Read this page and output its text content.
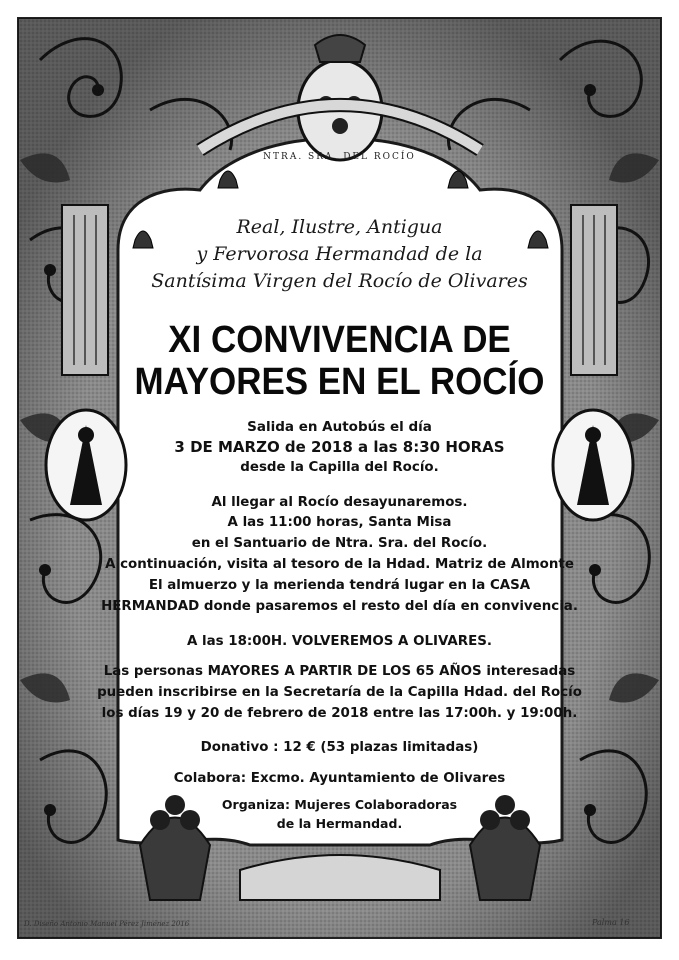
NTRA. SRA. DEL ROCÍO
Real, Ilustre, Antigua
y Fervorosa Hermandad de la
Santísima Virgen del Rocío de Olivares
XI CONVIVENCIA DE
MAYORES EN EL ROCÍO
Salida en Autobús el día
3 DE MARZO de 2018 a las 8:30 HORAS
desde la Capilla del Rocío.
Al llegar al Rocío desayunaremos.
A las 11:00 horas, Santa Misa
en el Santuario de Ntra. Sra. del Rocío.
A continuación, visita al tesoro de la Hdad. Matriz de Almonte
El almuerzo y la merienda tendrá lugar en la CASA
HERMANDAD donde pasaremos el resto del día en convivencia.
A las 18:00H. VOLVEREMOS A OLIVARES.
Las personas MAYORES A PARTIR DE LOS 65 AÑOS interesadas
pueden inscribirse en la Secretaría de la Capilla Hdad. del Rocío
los días 19 y 20 de febrero de 2018 entre las 17:00h. y 19:00h.
Donativo : 12 € (53 plazas limitadas)
Colabora: Excmo. Ayuntamiento de Olivares
Organiza: Mujeres Colaboradoras
de la Hermandad.
D. Diseño Antonio Manuel Pérez Jiménez 2016	Palma 16
